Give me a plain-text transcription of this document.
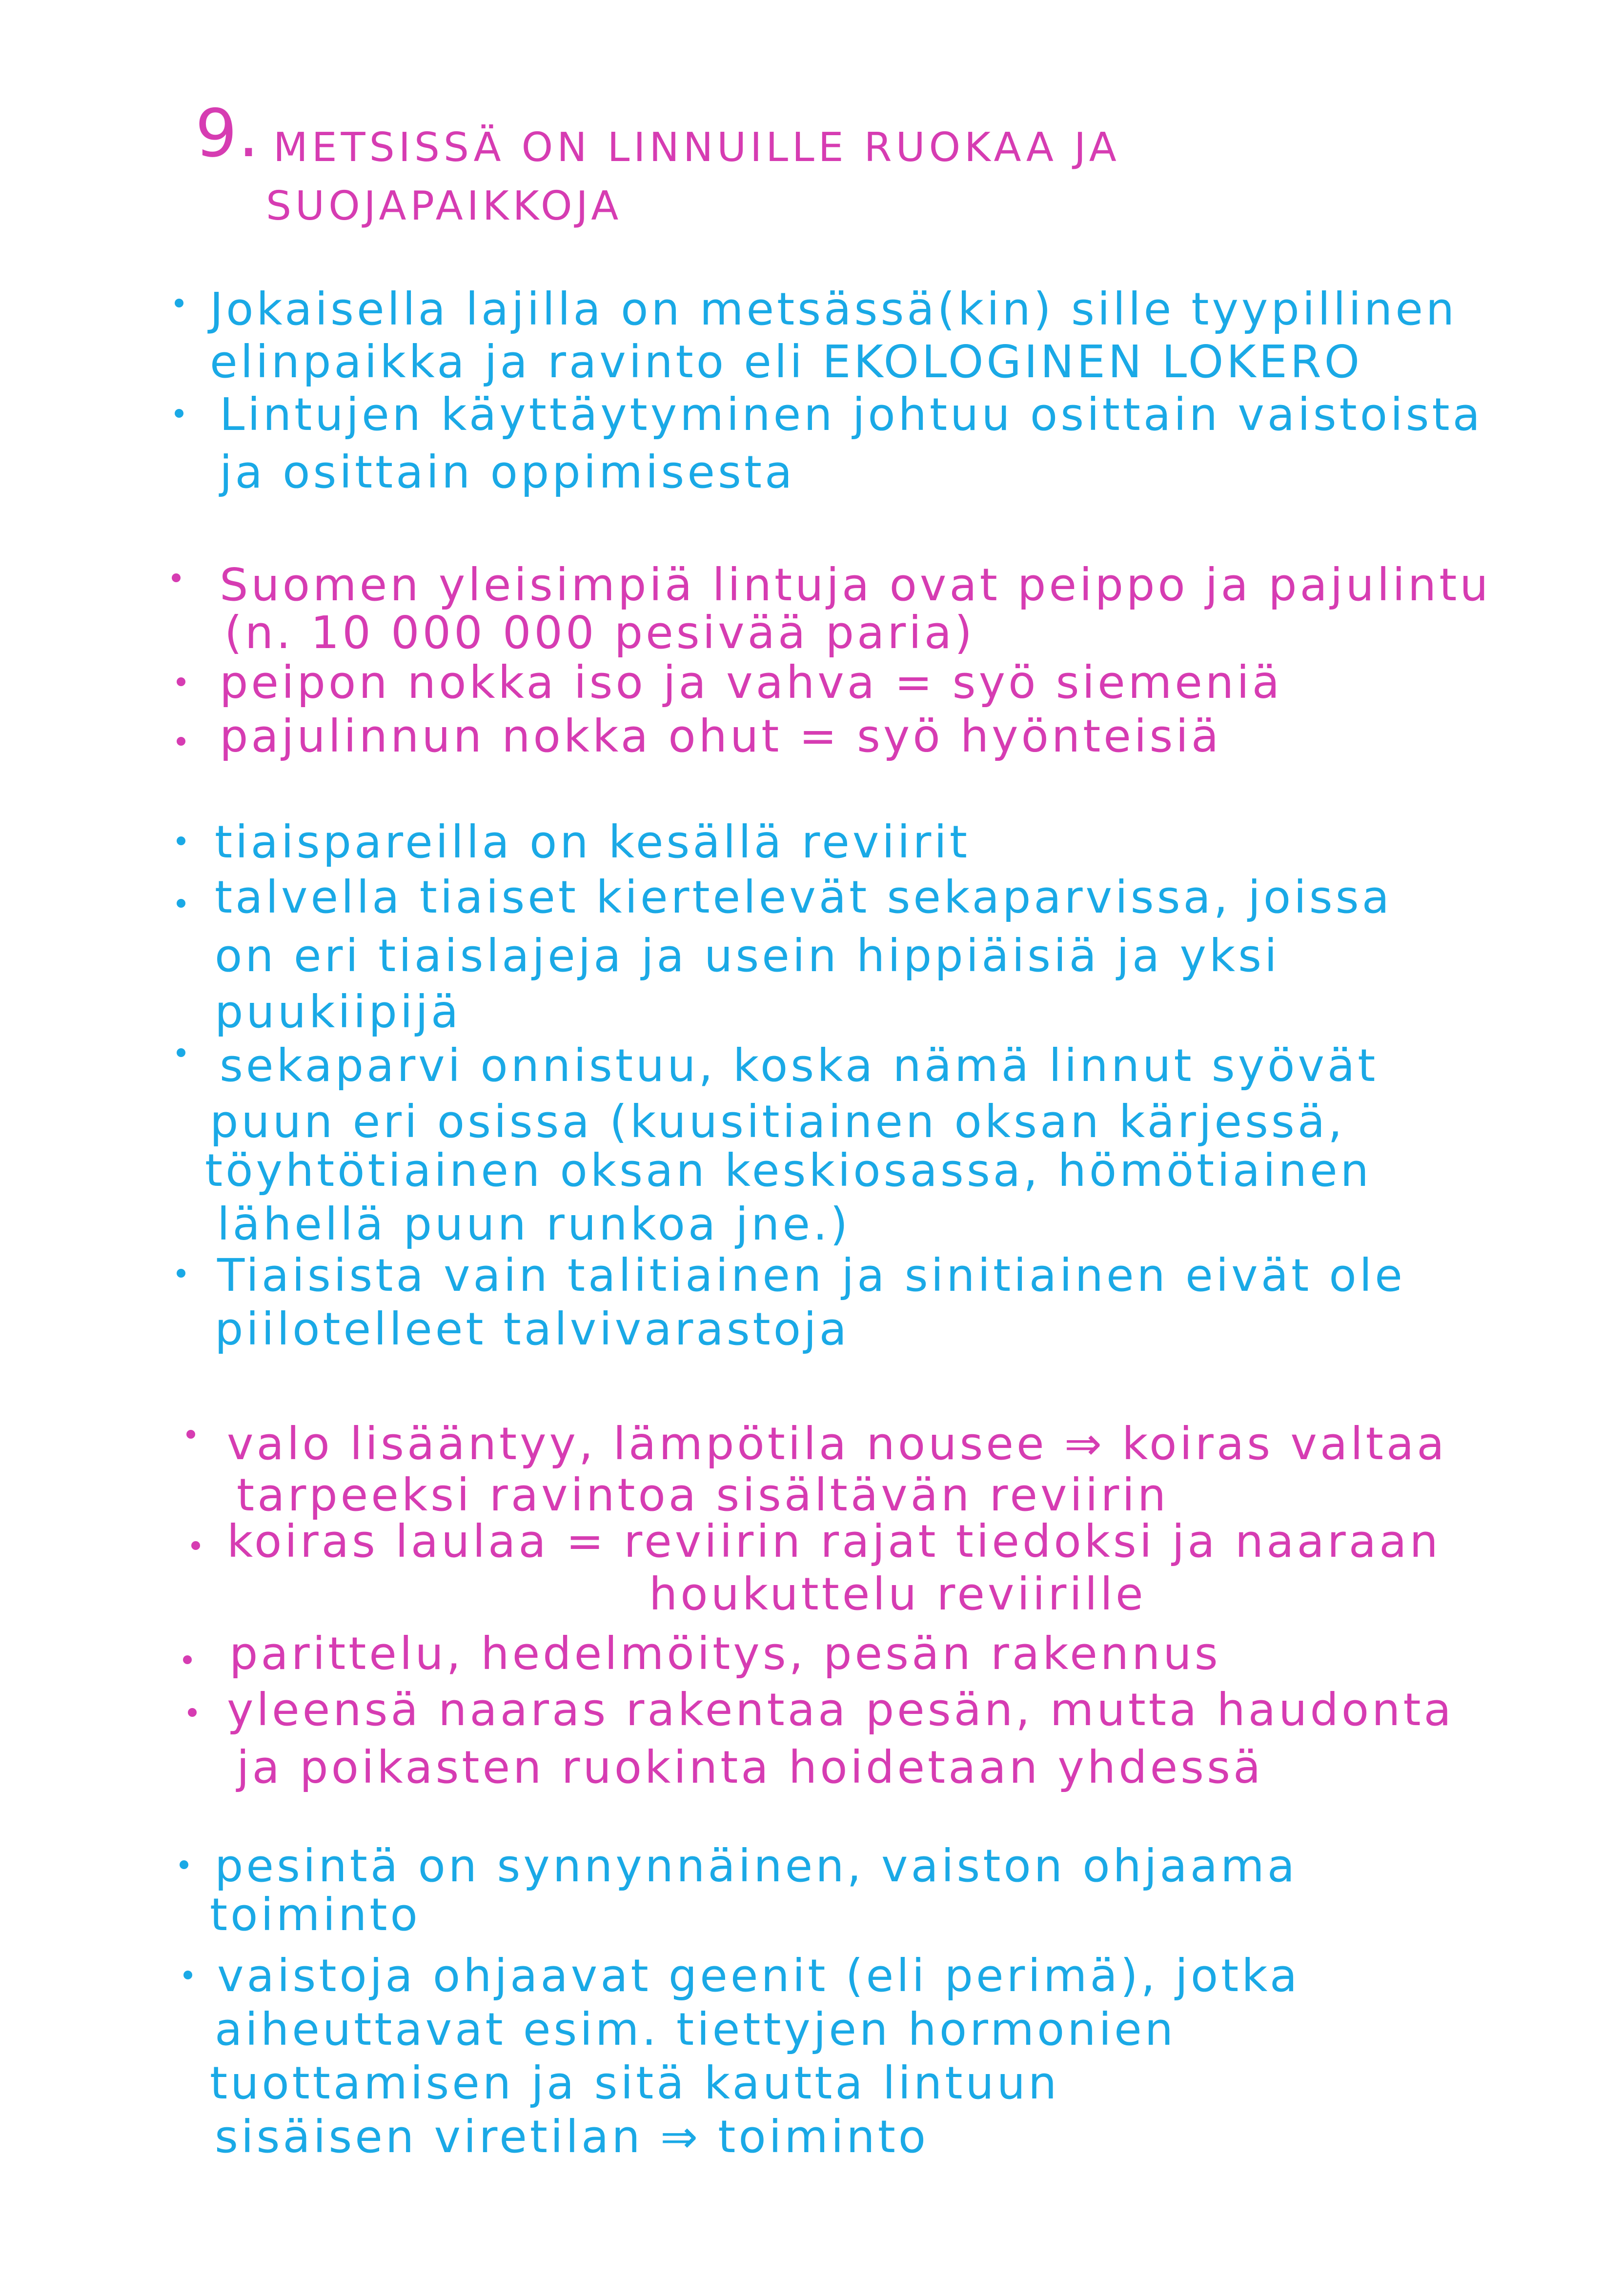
9. METSISSÄ ON LINNUILLE RUOKAA JA
SUOJAPAIKKOJA
Jokaisella lajilla on metsässä(kin) sille tyypillinen
elinpaikka ja ravinto eli EKOLOGINEN LOKERO
Lintujen käyttäytyminen johtuu osittain vaistoista
ja osittain oppimisesta
Suomen yleisimpiä lintuja ovat peippo ja pajulintu
(n. 10 000 000 pesivää paria)
peipon nokka iso ja vahva = syö siemeniä
pajulinnun nokka ohut = syö hyönteisiä
tiaispareilla on kesällä reviirit
talvella tiaiset kiertelevät sekaparvissa, joissa
on eri tiaislajeja ja usein hippiäisiä ja yksi
puukiipijä
sekaparvi onnistuu, koska nämä linnut syövät
puun eri osissa (kuusitiainen oksan kärjessä,
töyhtötiainen oksan keskiosassa, hömötiainen
lähellä puun runkoa jne.)
Tiaisista vain talitiainen ja sinitiainen eivät ole
piilotelleet talvivarastoja
valo lisääntyy, lämpötila nousee ⇒ koiras valtaa
tarpeeksi ravintoa sisältävän reviirin
koiras laulaa = reviirin rajat tiedoksi ja naaraan
houkuttelu reviirille
parittelu, hedelmöitys, pesän rakennus
yleensä naaras rakentaa pesän, mutta haudonta
ja poikasten ruokinta hoidetaan yhdessä
pesintä on synnynnäinen, vaiston ohjaama
toiminto
vaistoja ohjaavat geenit (eli perimä), jotka
aiheuttavat esim. tiettyjen hormonien
tuottamisen ja sitä kautta lintuun
sisäisen viretilan ⇒ toiminto
